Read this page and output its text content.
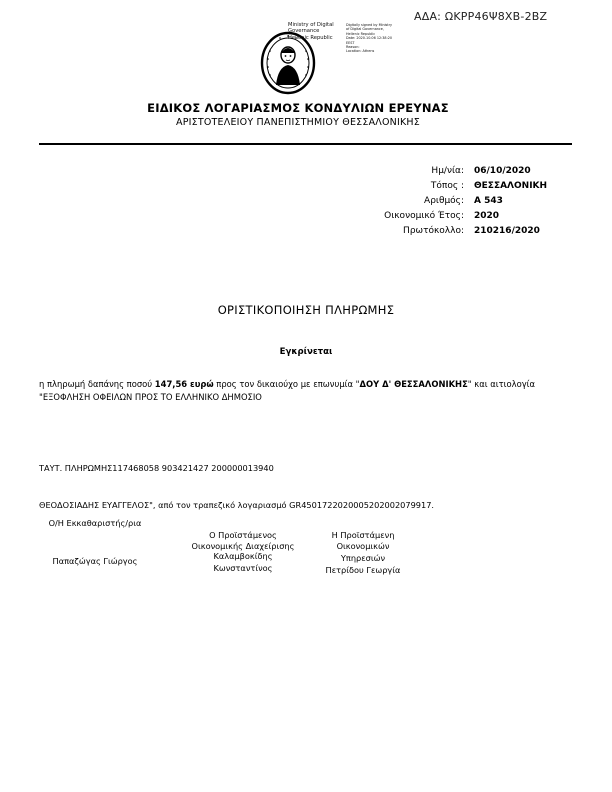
ΑΔΑ: ΩΚΡΡ46Ψ8ΧΒ-2ΒΖ
Ministry of Digital
Governance
Hellenic Republic
Digitally signed by Ministry
of Digital Governance,
Hellenic Republic
Date: 2020.10.06 12:38:20
EEST
Reason:
Location: Athens
ΕΙΔΙΚΟΣ ΛΟΓΑΡΙΑΣΜΟΣ ΚΟΝΔΥΛΙΩΝ ΕΡΕΥΝΑΣ
ΑΡΙΣΤΟΤΕΛΕΙΟΥ ΠΑΝΕΠΙΣΤΗΜΙΟΥ ΘΕΣΣΑΛΟΝΙΚΗΣ
Ημ/νία: 06/10/2020
Τόπος : ΘΕΣΣΑΛΟΝΙΚΗ
Αριθμός: Α 543
Οικονομικό Έτος: 2020
Πρωτόκολλο: 210216/2020
ΟΡΙΣΤΙΚΟΠΟΙΗΣΗ ΠΛΗΡΩΜΗΣ
Εγκρίνεται
η πληρωμή δαπάνης ποσού 147,56 ευρώ προς τον δικαιούχο με επωνυμία "ΔΟΥ Δ' ΘΕΣΣΑΛΟΝΙΚΗΣ" και αιτιολογία
"ΕΞΟΦΛΗΣΗ ΟΦΕΙΛΩΝ ΠΡΟΣ ΤΟ ΕΛΛΗΝΙΚΟ ΔΗΜΟΣΙΟ
ΤΑΥΤ. ΠΛΗΡΩΜΗΣ117468058 903421427 200000013940
ΘΕΟΔΟΣΙΑΔΗΣ ΕΥΑΓΓΕΛΟΣ", από τον τραπεζικό λογαριασμό GR4501722020005202002079917.
Ο/Η Εκκαθαριστής/ρια
Παπαζώγας Γιώργος

Ο Προϊστάμενος
Οικονομικής Διαχείρισης

Καλαμβοκίδης
Κωνσταντίνος

Η Προϊστάμενη
Οικονομικών
Υπηρεσιών

Πετρίδου Γεωργία
